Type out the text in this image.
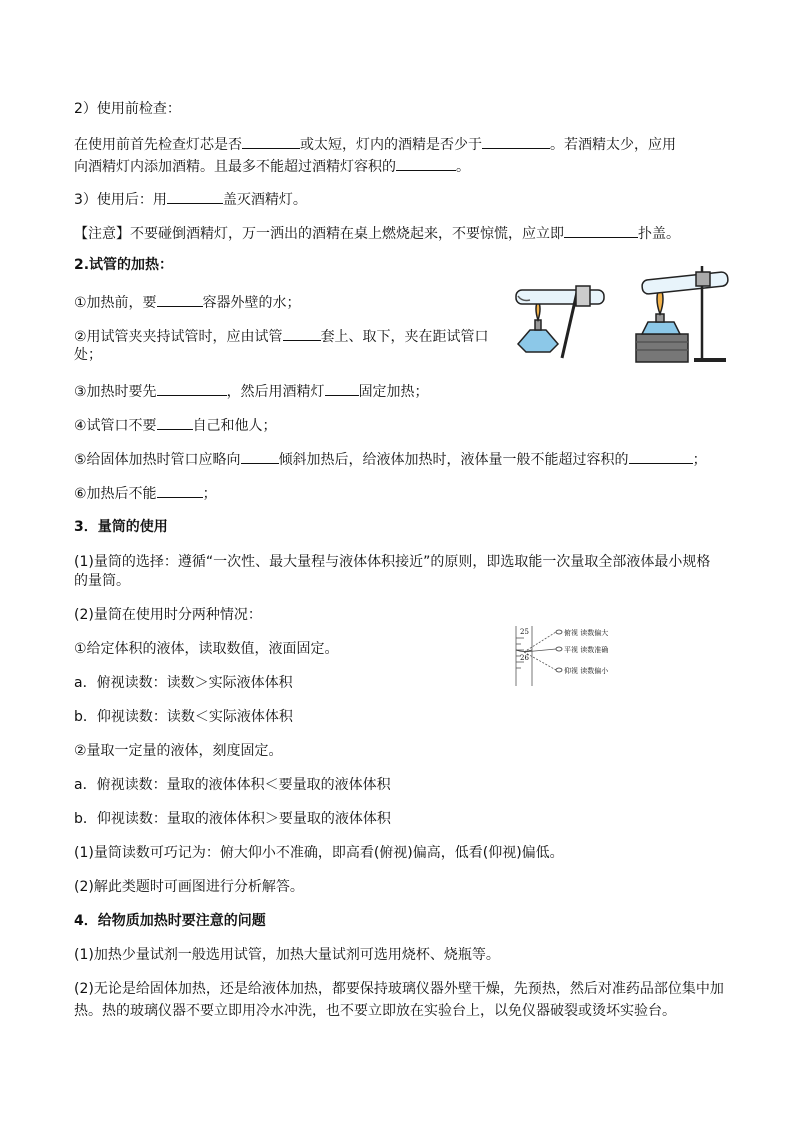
2）使用前检查：
在使用前首先检查灯芯是否	或太短，灯内的酒精是否少于	。若酒精太少，应用
向酒精灯内添加酒精。且最多不能超过酒精灯容积的	。
3）使用后：用	盖灭酒精灯。
【注意】不要碰倒酒精灯，万一洒出的酒精在桌上燃烧起来，不要惊慌，应立即	扑盖。
2.试管的加热：
①加热前，要	容器外壁的水；
②用试管夹夹持试管时，应由试管	套上、取下，夹在距试管口
处；
③加热时要先	，然后用酒精灯 固定加热；
④试管口不要	自己和他人；
⑤给固体加热时管口应略向	倾斜加热后，给液体加热时，液体量一般不能超过容积的	；
⑥加热后不能	；
3．量筒的使用
(1)量筒的选择：遵循“一次性、最大量程与液体体积接近”的原则，即选取能一次量取全部液体最小规格
的量筒。
(2)量筒在使用时分两种情况：
①给定体积的液体，读取数值，液面固定。
a．俯视读数：读数＞实际液体体积
b．仰视读数：读数＜实际液体体积
②量取一定量的液体，刻度固定。
a．俯视读数：量取的液体体积＜要量取的液体体积
b．仰视读数：量取的液体体积＞要量取的液体体积
(1)量筒读数可巧记为：俯大仰小不准确，即高看(俯视)偏高，低看(仰视)偏低。
(2)解此类题时可画图进行分析解答。
25
26
俯视 读数偏大
平视 读数准确
仰视 读数偏小
4．给物质加热时要注意的问题
(1)加热少量试剂一般选用试管，加热大量试剂可选用烧杯、烧瓶等。
(2)无论是给固体加热，还是给液体加热，都要保持玻璃仪器外壁干燥，先预热，然后对准药品部位集中加
热。热的玻璃仪器不要立即用冷水冲洗，也不要立即放在实验台上，以免仪器破裂或烫坏实验台。
